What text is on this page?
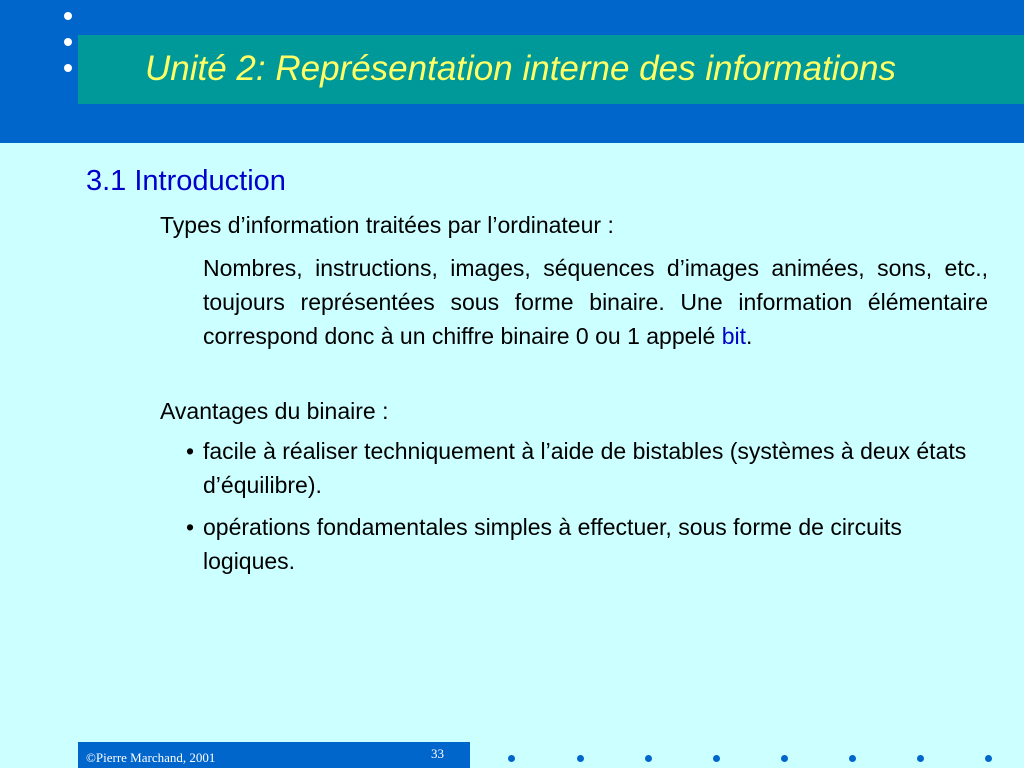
Unité 2: Représentation interne des informations
3.1 Introduction

Types d’information traitées par l’ordinateur :

Nombres, instructions, images, séquences d’images animées, sons, etc., toujours représentées sous forme binaire. Une information élémentaire correspond donc à un chiffre binaire 0 ou 1 appelé bit.

Avantages du binaire :

• facile à réaliser techniquement à l’aide de bistables (systèmes à deux états d’équilibre).
• opérations fondamentales simples à effectuer, sous forme de circuits logiques.
©Pierre Marchand, 2001	33
